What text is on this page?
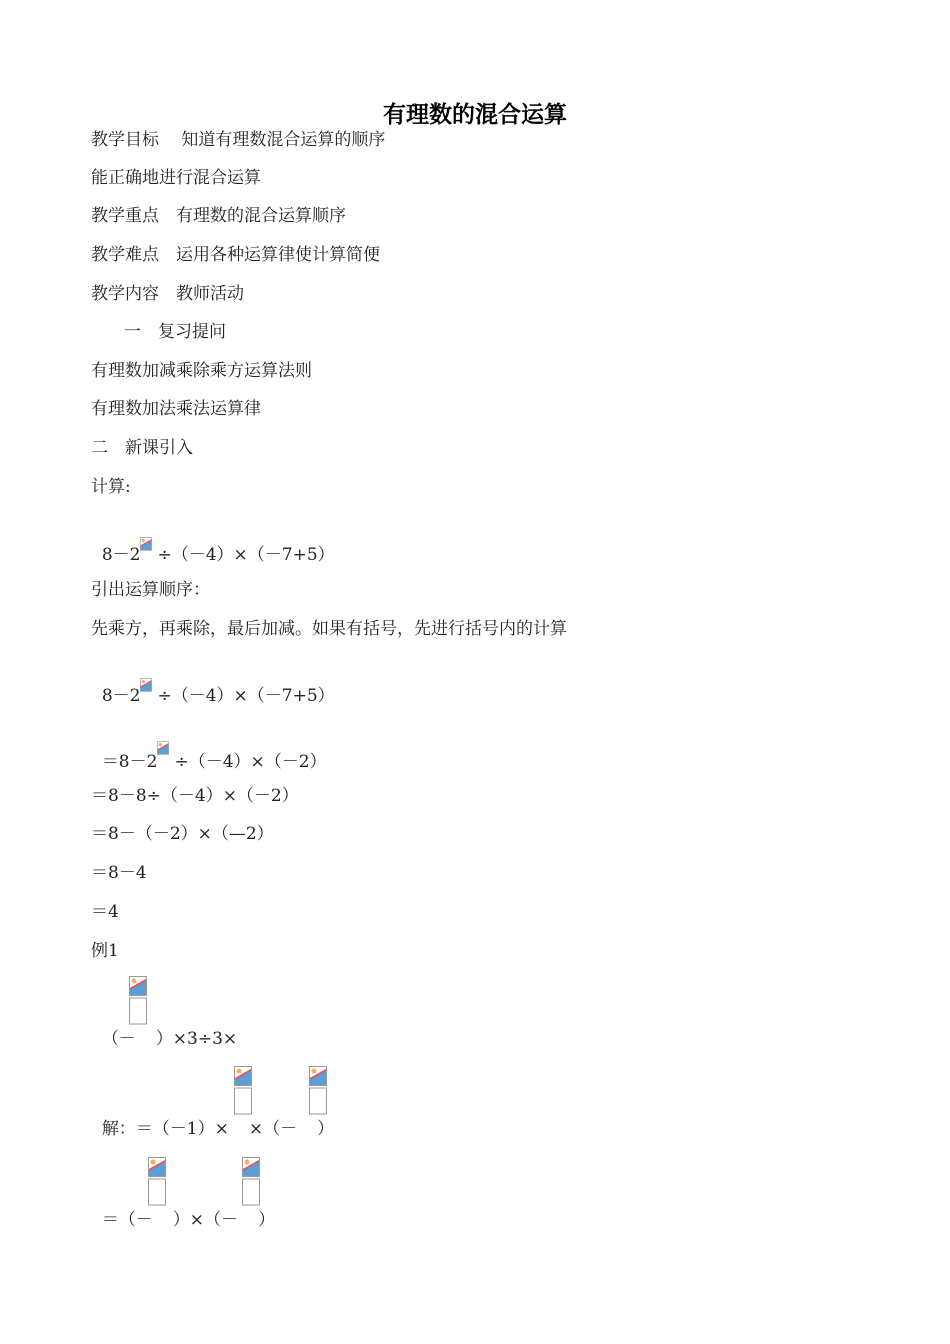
有理数的混合运算
教学目标　 知道有理数混合运算的顺序
能正确地进行混合运算
教学重点　有理数的混合运算顺序
教学难点　运用各种运算律使计算简便
教学内容　教师活动
一　复习提问
有理数加减乘除乘方运算法则
有理数加法乘法运算律
二　新课引入
计算:

8－2 ÷（－4）×（－7+5）

引出运算顺序：
先乘方，再乘除，最后加减。如果有括号，先进行括号内的计算

8－2 ÷（－4）×（－7+5）

＝8－2 ÷（－4）×（－2）

＝8－8÷（－4）×（－2）
＝8－（－2）×（—2）
＝8－4
＝4
例1

（－ ）×3÷3×

解：＝（－1）× ×（－ ）

＝（－ ）×（－ ）
